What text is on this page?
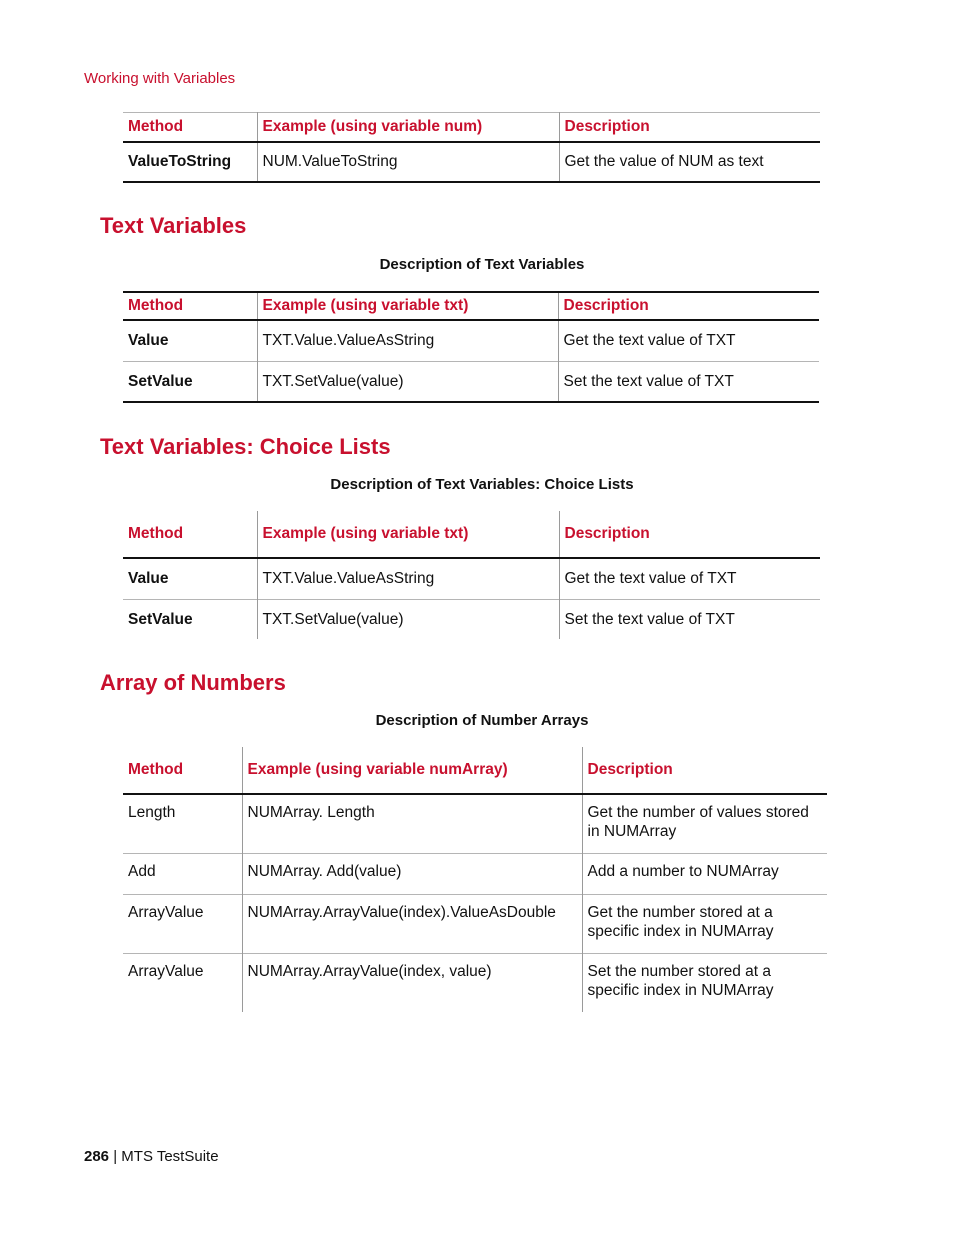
Working with Variables
Method	Example (using variable num)	Description
ValueToString	NUM.ValueToString	Get the value of NUM as text
Text Variables
Description of Text Variables
Method	Example (using variable txt)	Description
Value	TXT.Value.ValueAsString	Get the text value of TXT
SetValue	TXT.SetValue(value)	Set the text value of TXT
Text Variables: Choice Lists
Description of Text Variables: Choice Lists
Method	Example (using variable txt)	Description
Value	TXT.Value.ValueAsString	Get the text value of TXT
SetValue	TXT.SetValue(value)	Set the text value of TXT
Array of Numbers
Description of Number Arrays
Method	Example (using variable numArray)	Description
Length	NUMArray. Length	Get the number of values stored in NUMArray
Add	NUMArray. Add(value)	Add a number to NUMArray
ArrayValue	NUMArray.ArrayValue(index).ValueAsDouble	Get the number stored at a specific index in NUMArray
ArrayValue	NUMArray.ArrayValue(index, value)	Set the number stored at a specific index in NUMArray
286 | MTS TestSuite
